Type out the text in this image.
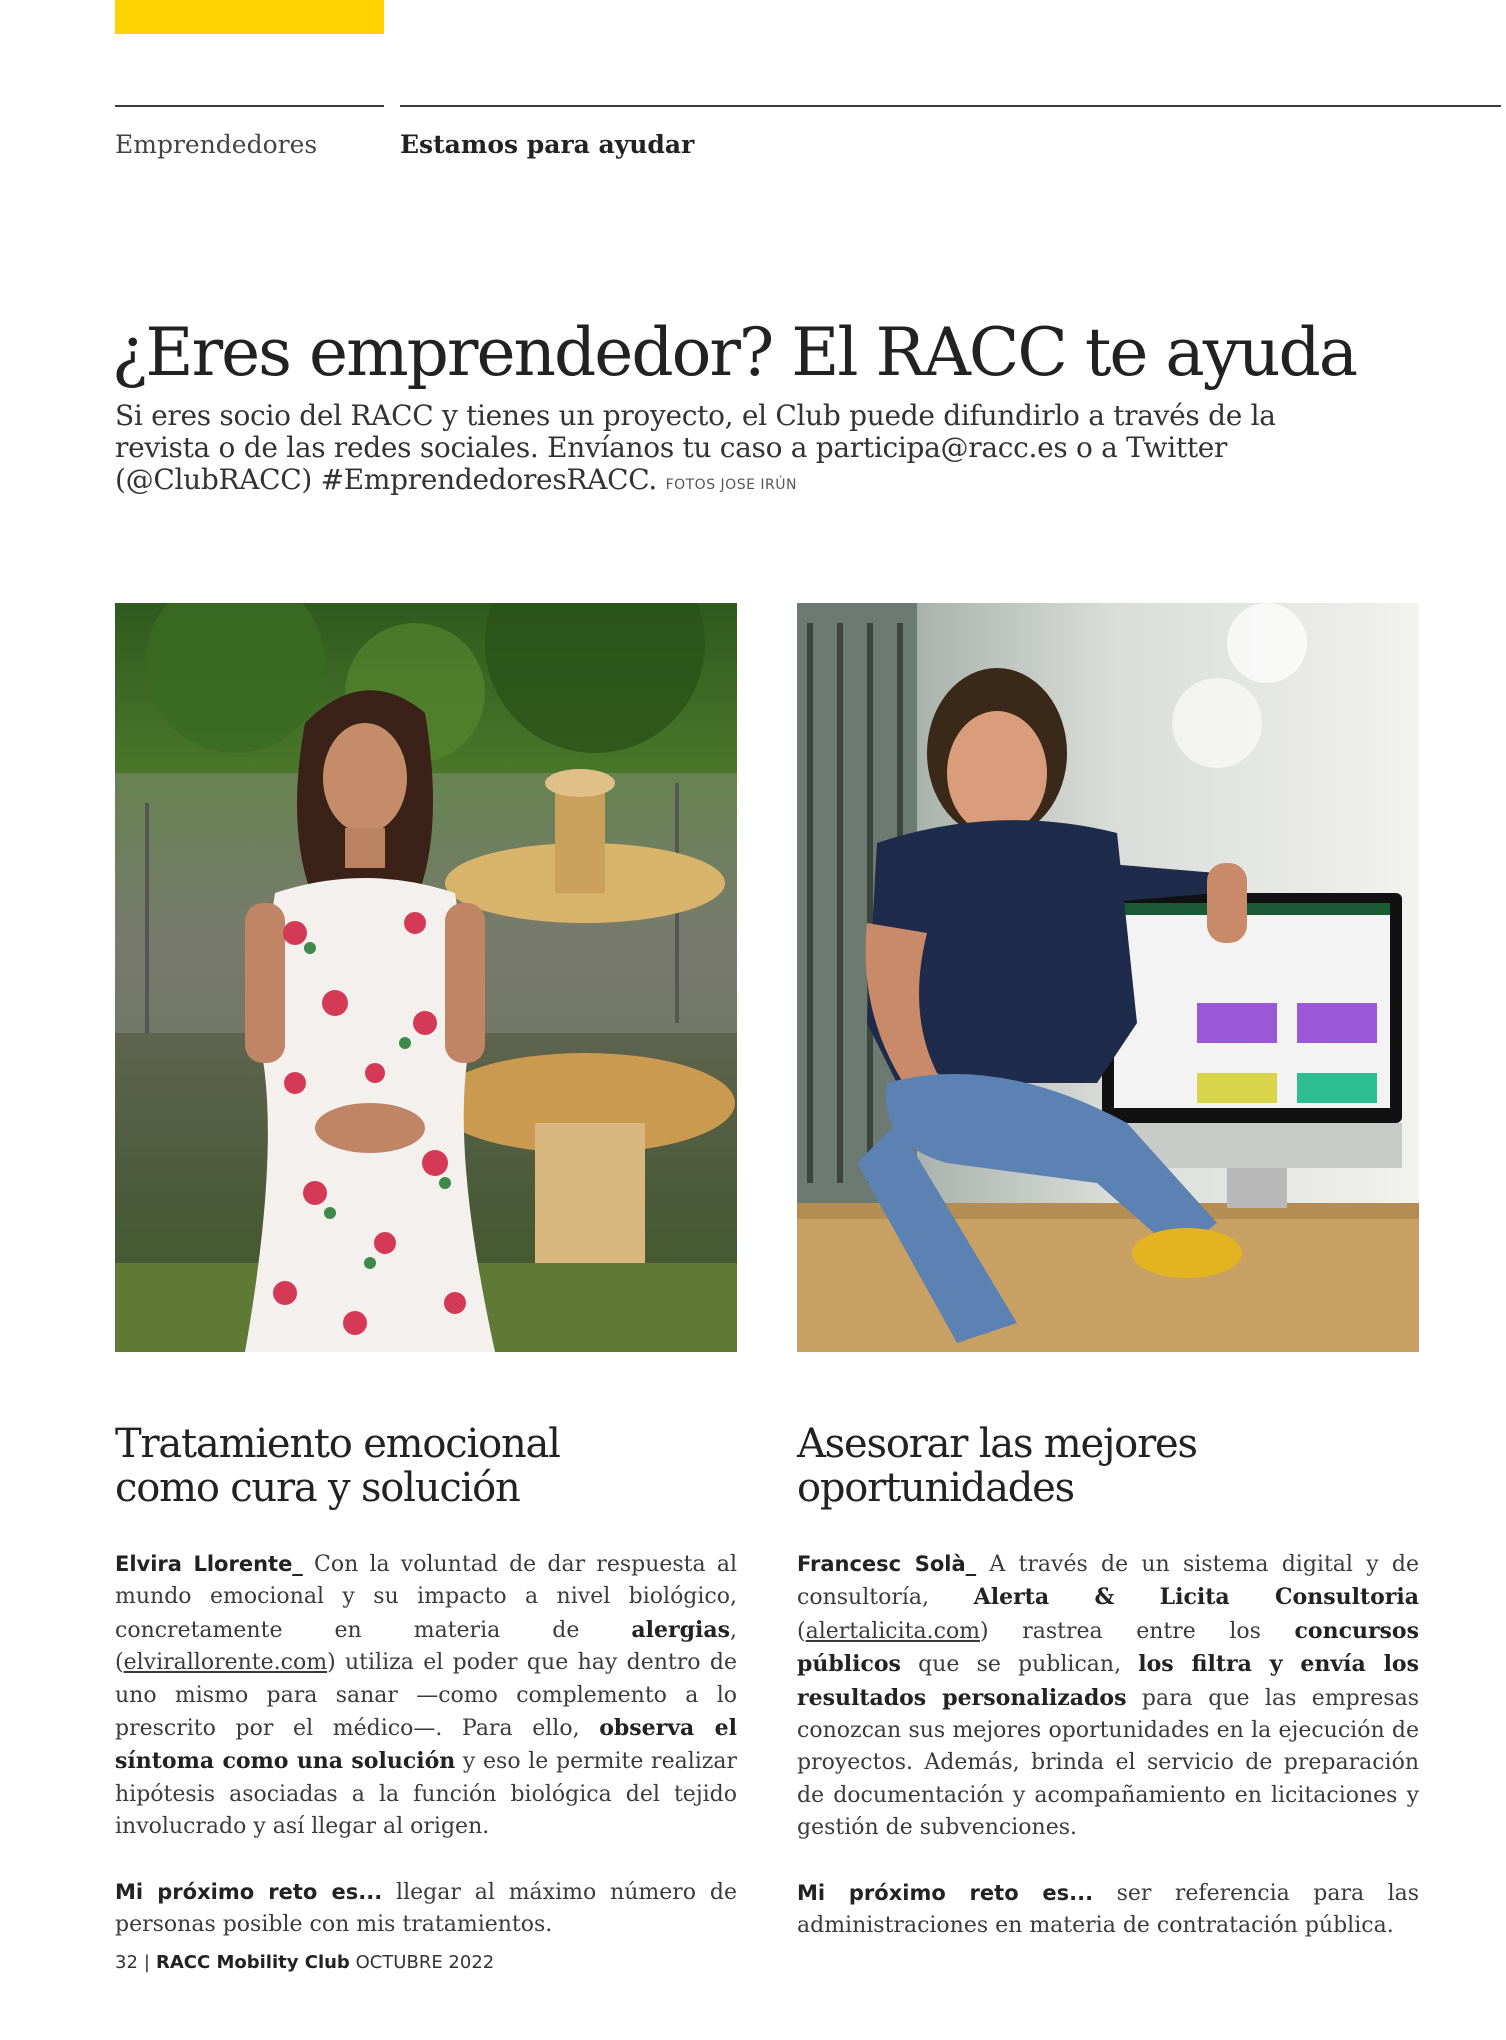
Emprendedores	Estamos para ayudar
¿Eres emprendedor? El RACC te ayuda
Si eres socio del RACC y tienes un proyecto, el Club puede difundirlo a través de la revista o de las redes sociales. Envíanos tu caso a participa@racc.es o a Twitter (@ClubRACC) #EmprendedoresRACC. FOTOS JOSE IRÚN
Tratamiento emocional
como cura y solución

Elvira Llorente_ Con la voluntad de dar respuesta al mundo emocional y su impacto a nivel biológico, concretamente en materia de alergias, (elvirallorente.com) utiliza el poder que hay dentro de uno mismo para sanar —como complemento a lo prescrito por el médico—. Para ello, observa el síntoma como una solución y eso le permite realizar hipótesis asociadas a la función biológica del tejido involucrado y así llegar al origen.

Mi próximo reto es... llegar al máximo número de personas posible con mis tratamientos.

Asesorar las mejores
oportunidades

Francesc Solà_ A través de un sistema digital y de consultoría, Alerta & Licita Consultoria (alertalicita.com) rastrea entre los concursos públicos que se publican, los filtra y envía los resultados personalizados para que las empresas conozcan sus mejores oportunidades en la ejecución de proyectos. Además, brinda el servicio de preparación de documentación y acompañamiento en licitaciones y gestión de subvenciones.

Mi próximo reto es... ser referencia para las administraciones en materia de contratación pública.

32 | RACC Mobility Club OCTUBRE 2022
